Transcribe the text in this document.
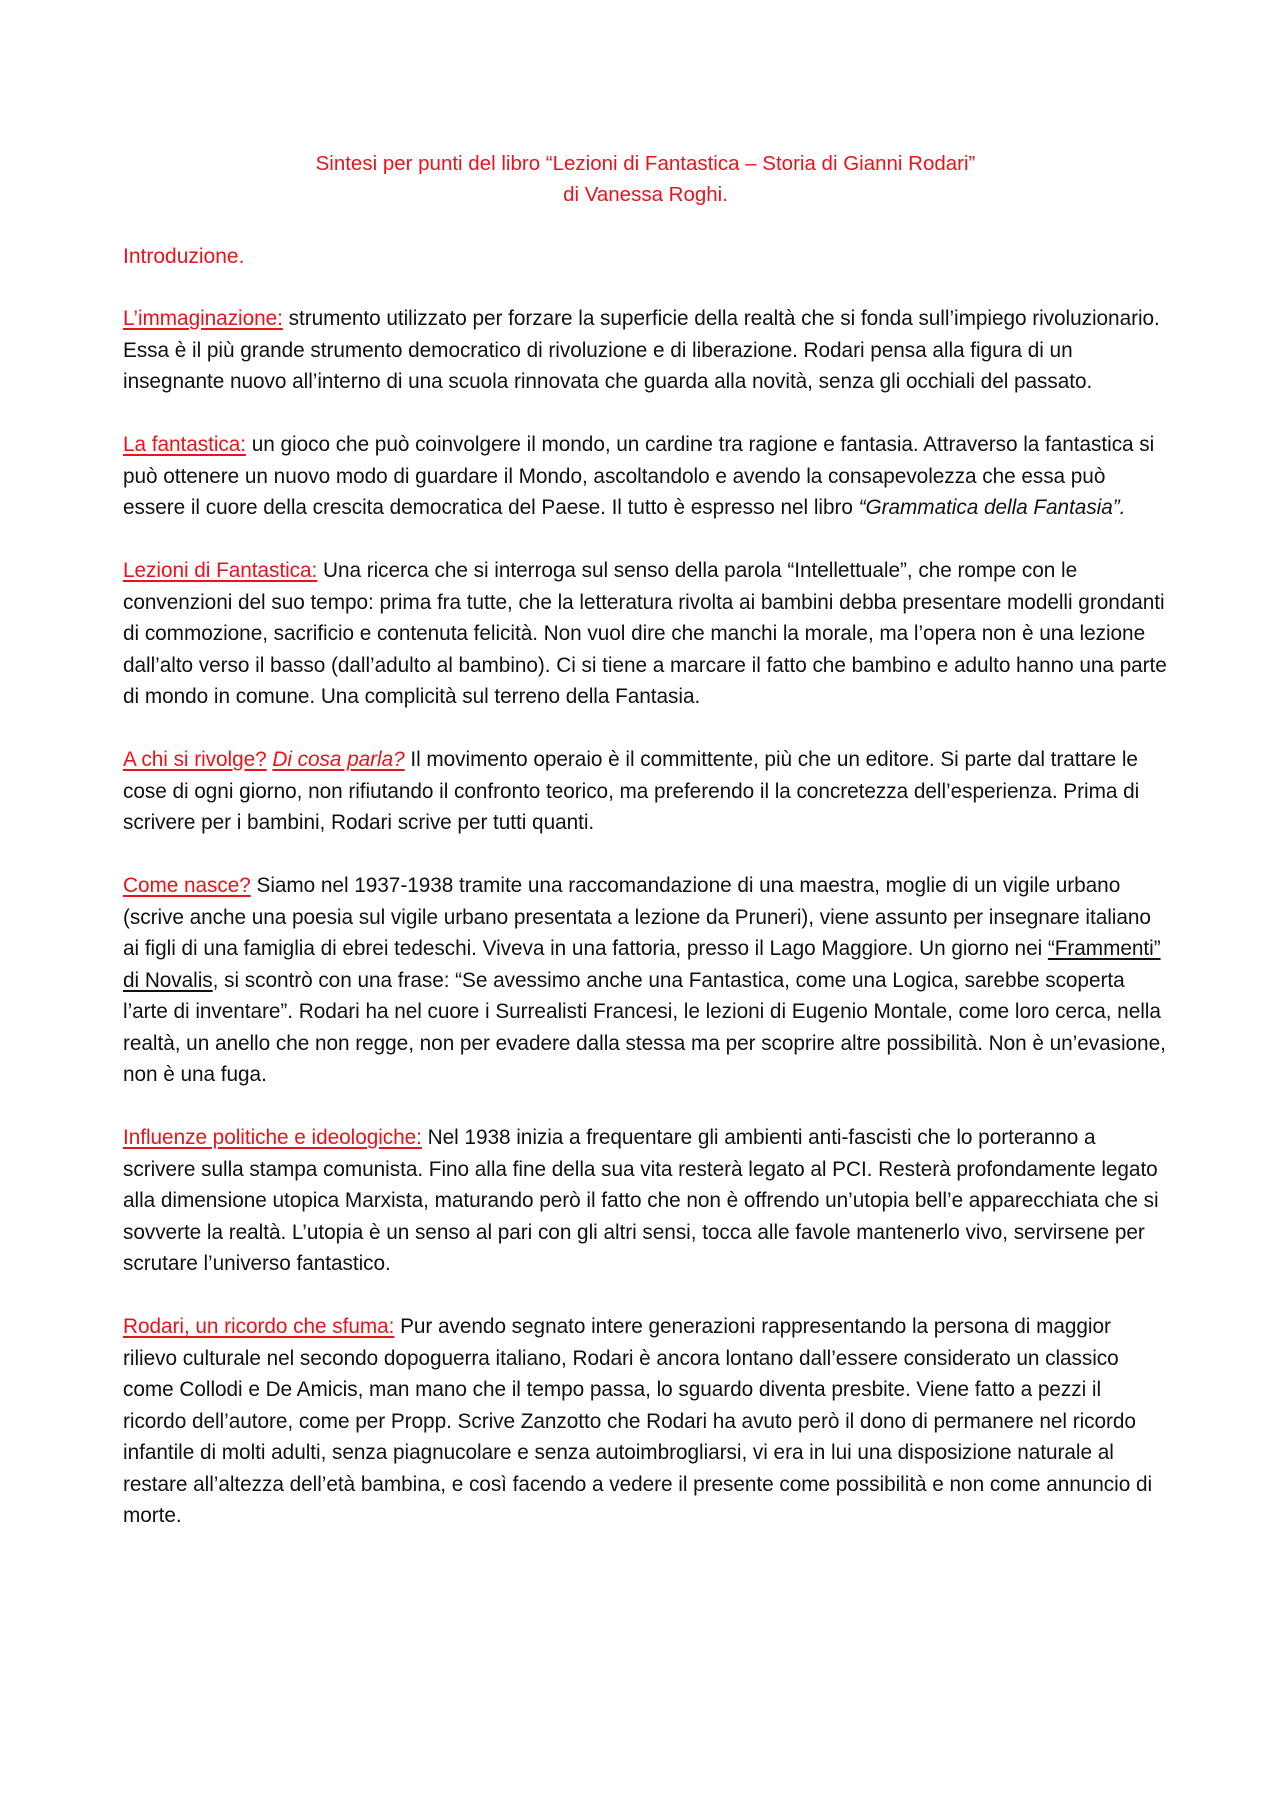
Sintesi per punti del libro “Lezioni di Fantastica – Storia di Gianni Rodari”
di Vanessa Roghi.
Introduzione.

L’immaginazione: strumento utilizzato per forzare la superficie della realtà che si fonda sull’impiego rivoluzionario. Essa è il più grande strumento democratico di rivoluzione e di liberazione. Rodari pensa alla figura di un insegnante nuovo all’interno di una scuola rinnovata che guarda alla novità, senza gli occhiali del passato.

La fantastica: un gioco che può coinvolgere il mondo, un cardine tra ragione e fantasia. Attraverso la fantastica si può ottenere un nuovo modo di guardare il Mondo, ascoltandolo e avendo la consapevolezza che essa può essere il cuore della crescita democratica del Paese. Il tutto è espresso nel libro “Grammatica della Fantasia”.

Lezioni di Fantastica: Una ricerca che si interroga sul senso della parola “Intellettuale”, che rompe con le convenzioni del suo tempo: prima fra tutte, che la letteratura rivolta ai bambini debba presentare modelli grondanti di commozione, sacrificio e contenuta felicità. Non vuol dire che manchi la morale, ma l’opera non è una lezione dall’alto verso il basso (dall’adulto al bambino). Ci si tiene a marcare il fatto che bambino e adulto hanno una parte di mondo in comune. Una complicità sul terreno della Fantasia.

A chi si rivolge? Di cosa parla? Il movimento operaio è il committente, più che un editore. Si parte dal trattare le cose di ogni giorno, non rifiutando il confronto teorico, ma preferendo il la concretezza dell’esperienza. Prima di scrivere per i bambini, Rodari scrive per tutti quanti.

Come nasce? Siamo nel 1937-1938 tramite una raccomandazione di una maestra, moglie di un vigile urbano (scrive anche una poesia sul vigile urbano presentata a lezione da Pruneri), viene assunto per insegnare italiano ai figli di una famiglia di ebrei tedeschi. Viveva in una fattoria, presso il Lago Maggiore. Un giorno nei “Frammenti” di Novalis, si scontrò con una frase: “Se avessimo anche una Fantastica, come una Logica, sarebbe scoperta l’arte di inventare”. Rodari ha nel cuore i Surrealisti Francesi, le lezioni di Eugenio Montale, come loro cerca, nella realtà, un anello che non regge, non per evadere dalla stessa ma per scoprire altre possibilità. Non è un’evasione, non è una fuga.

Influenze politiche e ideologiche: Nel 1938 inizia a frequentare gli ambienti anti-fascisti che lo porteranno a scrivere sulla stampa comunista. Fino alla fine della sua vita resterà legato al PCI. Resterà profondamente legato alla dimensione utopica Marxista, maturando però il fatto che non è offrendo un’utopia bell’e apparecchiata che si sovverte la realtà. L’utopia è un senso al pari con gli altri sensi, tocca alle favole mantenerlo vivo, servirsene per scrutare l’universo fantastico.

Rodari, un ricordo che sfuma: Pur avendo segnato intere generazioni rappresentando la persona di maggior rilievo culturale nel secondo dopoguerra italiano, Rodari è ancora lontano dall’essere considerato un classico come Collodi e De Amicis, man mano che il tempo passa, lo sguardo diventa presbite. Viene fatto a pezzi il ricordo dell’autore, come per Propp. Scrive Zanzotto che Rodari ha avuto però il dono di permanere nel ricordo infantile di molti adulti, senza piagnucolare e senza autoimbrogliarsi, vi era in lui una disposizione naturale al restare all’altezza dell’età bambina, e così facendo a vedere il presente come possibilità e non come annuncio di morte.
